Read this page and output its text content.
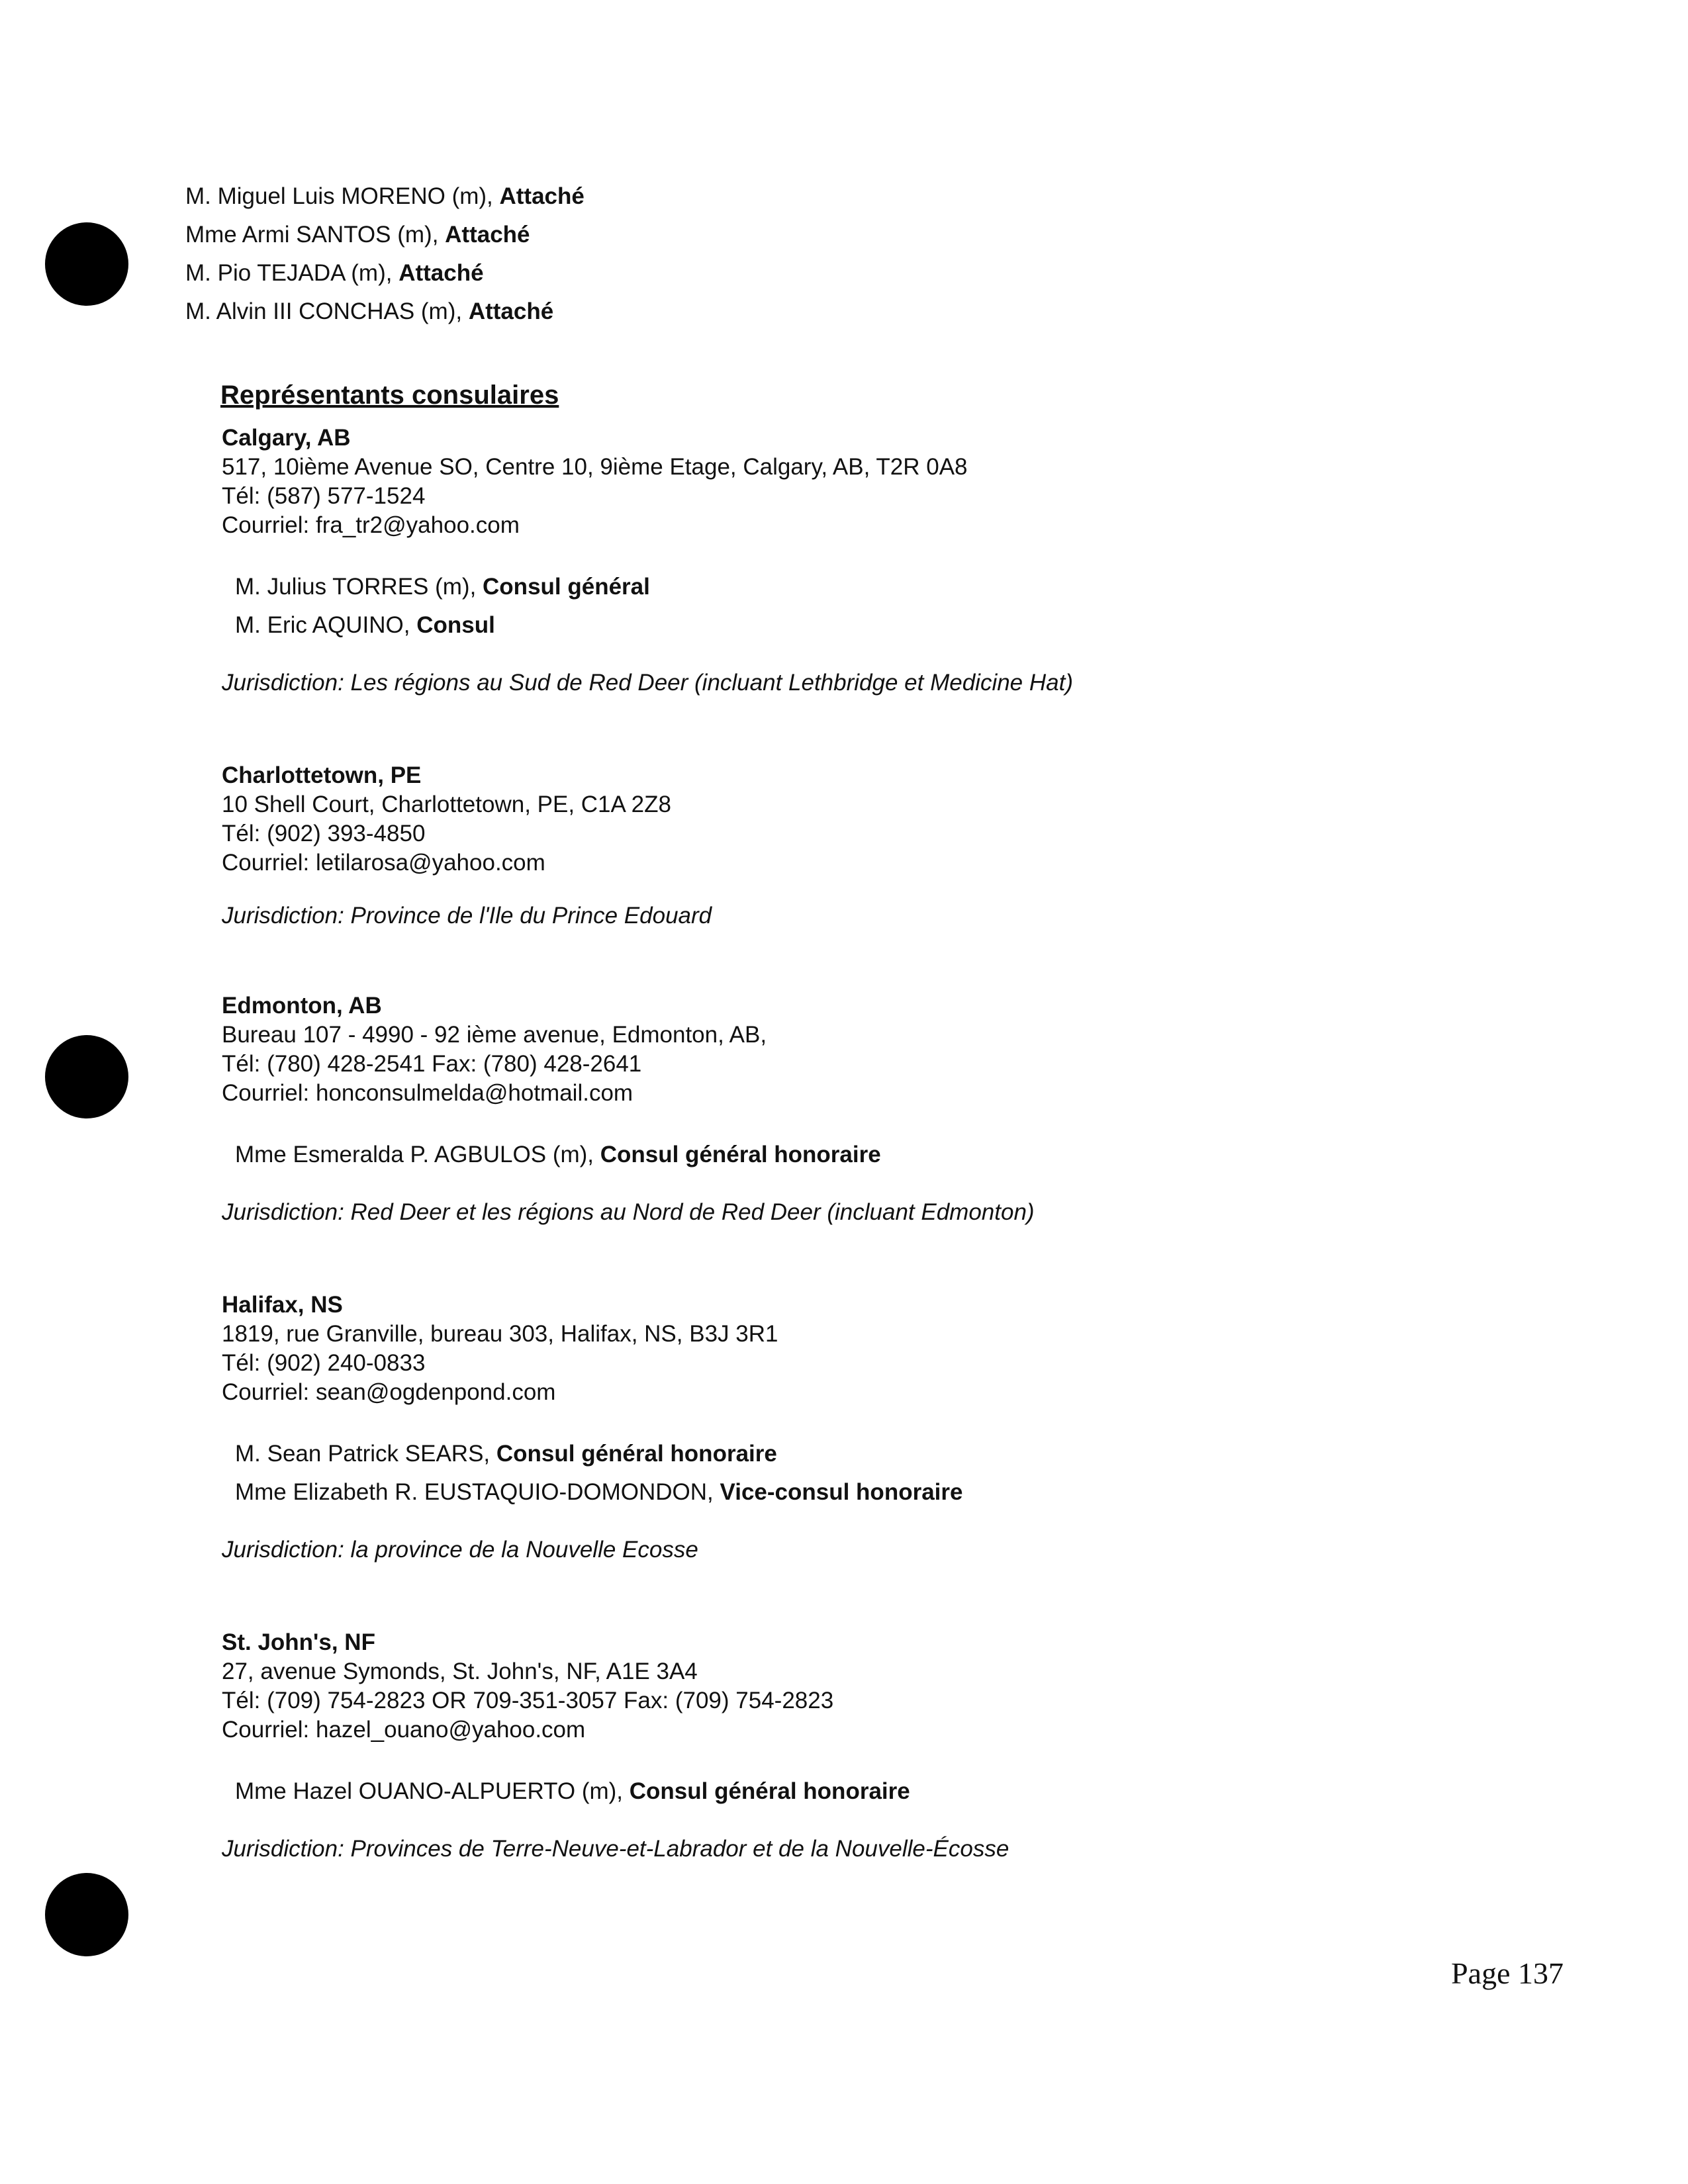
M. Miguel Luis MORENO (m), Attaché
Mme Armi SANTOS (m), Attaché
M. Pio TEJADA (m), Attaché
M. Alvin III CONCHAS (m), Attaché
Représentants consulaires
Calgary, AB
517, 10ième Avenue SO, Centre 10, 9ième Etage, Calgary, AB, T2R 0A8
Tél: (587) 577-1524
Courriel: fra_tr2@yahoo.com
M. Julius TORRES (m), Consul général
M. Eric AQUINO, Consul
Jurisdiction: Les régions au Sud de Red Deer (incluant Lethbridge et Medicine Hat)
Charlottetown, PE
10 Shell Court, Charlottetown, PE, C1A 2Z8
Tél: (902) 393-4850
Courriel: letilarosa@yahoo.com
Jurisdiction: Province de l'Ile du Prince Edouard
Edmonton, AB
Bureau 107 - 4990 - 92 ième avenue, Edmonton, AB,
Tél: (780) 428-2541 Fax: (780) 428-2641
Courriel: honconsulmelda@hotmail.com
Mme Esmeralda P. AGBULOS (m), Consul général honoraire
Jurisdiction: Red Deer et les régions au Nord de Red Deer (incluant Edmonton)
Halifax, NS
1819, rue Granville, bureau 303, Halifax, NS, B3J 3R1
Tél: (902) 240-0833
Courriel: sean@ogdenpond.com
M. Sean Patrick SEARS, Consul général honoraire
Mme Elizabeth R. EUSTAQUIO-DOMONDON, Vice-consul honoraire
Jurisdiction: la province de la Nouvelle Ecosse
St. John's, NF
27, avenue Symonds, St. John's, NF, A1E 3A4
Tél: (709) 754-2823 OR 709-351-3057 Fax: (709) 754-2823
Courriel: hazel_ouano@yahoo.com
Mme Hazel OUANO-ALPUERTO (m), Consul général honoraire
Jurisdiction: Provinces de Terre-Neuve-et-Labrador et de la Nouvelle-Écosse
Page 137
